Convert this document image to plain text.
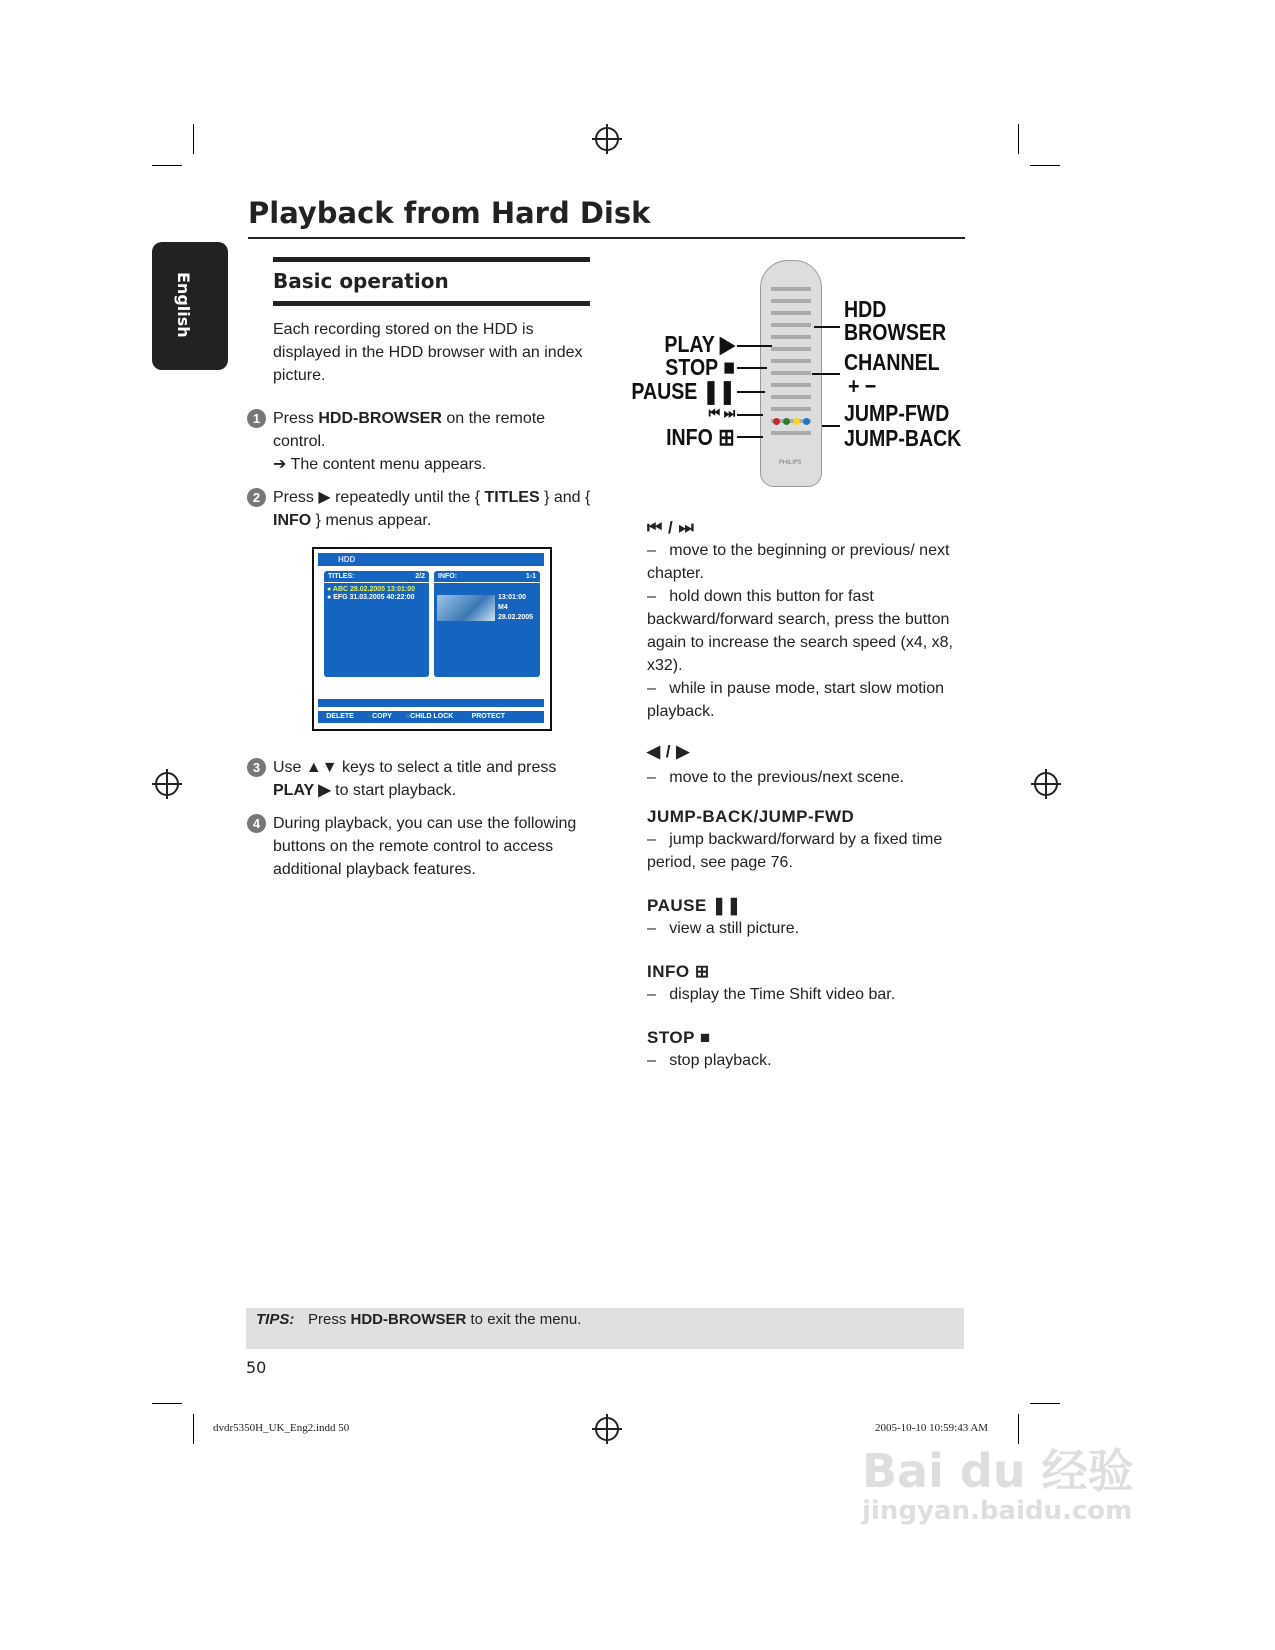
Playback from Hard Disk
English	Basic operation
Each recording stored on the HDD is displayed in the HDD browser with an index picture.
1 Press HDD-BROWSER on the remote control.
➔ The content menu appears.
2 Press ▶ repeatedly until the { TITLES } and { INFO } menus appear.
HDD
TITLES:	2/2
● ABC 28.02.2005 13:01:00
● EFG 31.03.2005 40:22:00
INFO:	1-1
13:01:00
M4
28.02.2005
○DELETE ○COPY ○CHILD LOCK ○PROTECT
3 Use ▲▼ keys to select a title and press PLAY ▶ to start playback.
4 During playback, you can use the following buttons on the remote control to access additional playback features.
PHILIPS
PLAY ▶
STOP ■
PAUSE ❚❚
⏮ ⏭
INFO ⊞
HDD
BROWSER
CHANNEL
+ −
JUMP-FWD
JUMP-BACK
⏮ / ⏭
–   move to the beginning or previous/ next chapter.
–   hold down this button for fast backward/forward search, press the button again to increase the search speed (x4, x8, x32).
–   while in pause mode, start slow motion playback.
◀ / ▶
–   move to the previous/next scene.
JUMP-BACK/JUMP-FWD
–   jump backward/forward by a fixed time period, see page 76.
PAUSE ❚❚
–   view a still picture.
INFO ⊞
–   display the Time Shift video bar.
STOP ■
–   stop playback.
TIPS: Press HDD-BROWSER to exit the menu.
50
dvdr5350H_UK_Eng2.indd 50	2005-10-10 10:59:43 AM
Bai du 经验
jingyan.baidu.com
